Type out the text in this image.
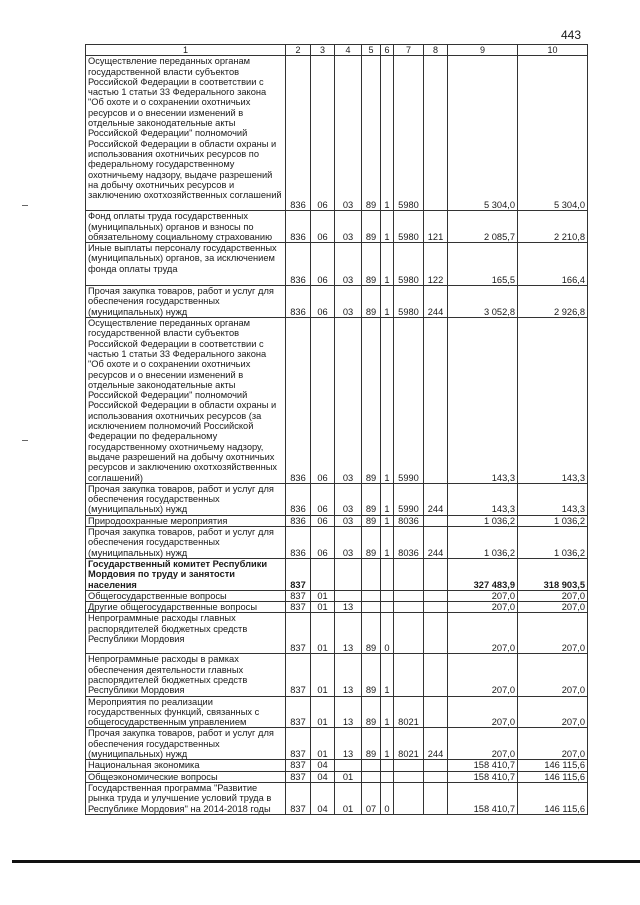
443
1	2	3	4	5	6	7	8	9	10
Осуществление переданных органам государственной власти субъектов Российской Федерации в соответствии с частью 1 статьи 33 Федерального закона "Об охоте и о сохранении охотничьих ресурсов и о внесении изменений в отдельные законодательные акты Российской Федерации" полномочий Российской Федерации в области охраны и использования охотничьих ресурсов по федеральному государственному охотничьему надзору, выдаче разрешений на добычу охотничьих ресурсов и заключению охотхозяйственных соглашений	836	06	03	89	1	5980		5 304,0	5 304,0
Фонд оплаты труда государственных (муниципальных) органов и взносы по обязательному социальному страхованию	836	06	03	89	1	5980	121	2 085,7	2 210,8
Иные выплаты персоналу государственных (муниципальных) органов, за исключением фонда оплаты труда	836	06	03	89	1	5980	122	165,5	166,4
Прочая закупка товаров, работ и услуг для обеспечения государственных (муниципальных) нужд	836	06	03	89	1	5980	244	3 052,8	2 926,8
Осуществление переданных органам государственной власти субъектов Российской Федерации в соответствии с частью 1 статьи 33 Федерального закона "Об охоте и о сохранении охотничьих ресурсов и о внесении изменений в отдельные законодательные акты Российской Федерации" полномочий Российской Федерации в области охраны и использования охотничьих ресурсов (за исключением полномочий Российской Федерации по федеральному государственному охотничьему надзору, выдаче разрешений на добычу охотничьих ресурсов и заключению охотхозяйственных соглашений)	836	06	03	89	1	5990		143,3	143,3
Прочая закупка товаров, работ и услуг для обеспечения государственных (муниципальных) нужд	836	06	03	89	1	5990	244	143,3	143,3
Природоохранные мероприятия	836	06	03	89	1	8036		1 036,2	1 036,2
Прочая закупка товаров, работ и услуг для обеспечения государственных (муниципальных) нужд	836	06	03	89	1	8036	244	1 036,2	1 036,2
Государственный комитет Республики Мордовия по труду и занятости населения	837							327 483,9	318 903,5
Общегосударственные вопросы	837	01						207,0	207,0
Другие общегосударственные вопросы	837	01	13					207,0	207,0
Непрограммные расходы главных распорядителей бюджетных средств Республики Мордовия	837	01	13	89	0			207,0	207,0
Непрограммные расходы в рамках обеспечения деятельности главных распорядителей бюджетных средств Республики Мордовия	837	01	13	89	1			207,0	207,0
Мероприятия по реализации государственных функций, связанных с общегосударственным управлением	837	01	13	89	1	8021		207,0	207,0
Прочая закупка товаров, работ и услуг для обеспечения государственных (муниципальных) нужд	837	01	13	89	1	8021	244	207,0	207,0
Национальная экономика	837	04						158 410,7	146 115,6
Общеэкономические вопросы	837	04	01					158 410,7	146 115,6
Государственная программа "Развитие рынка труда и улучшение условий труда в Республике Мордовия" на 2014-2018 годы	837	04	01	07	0			158 410,7	146 115,6
